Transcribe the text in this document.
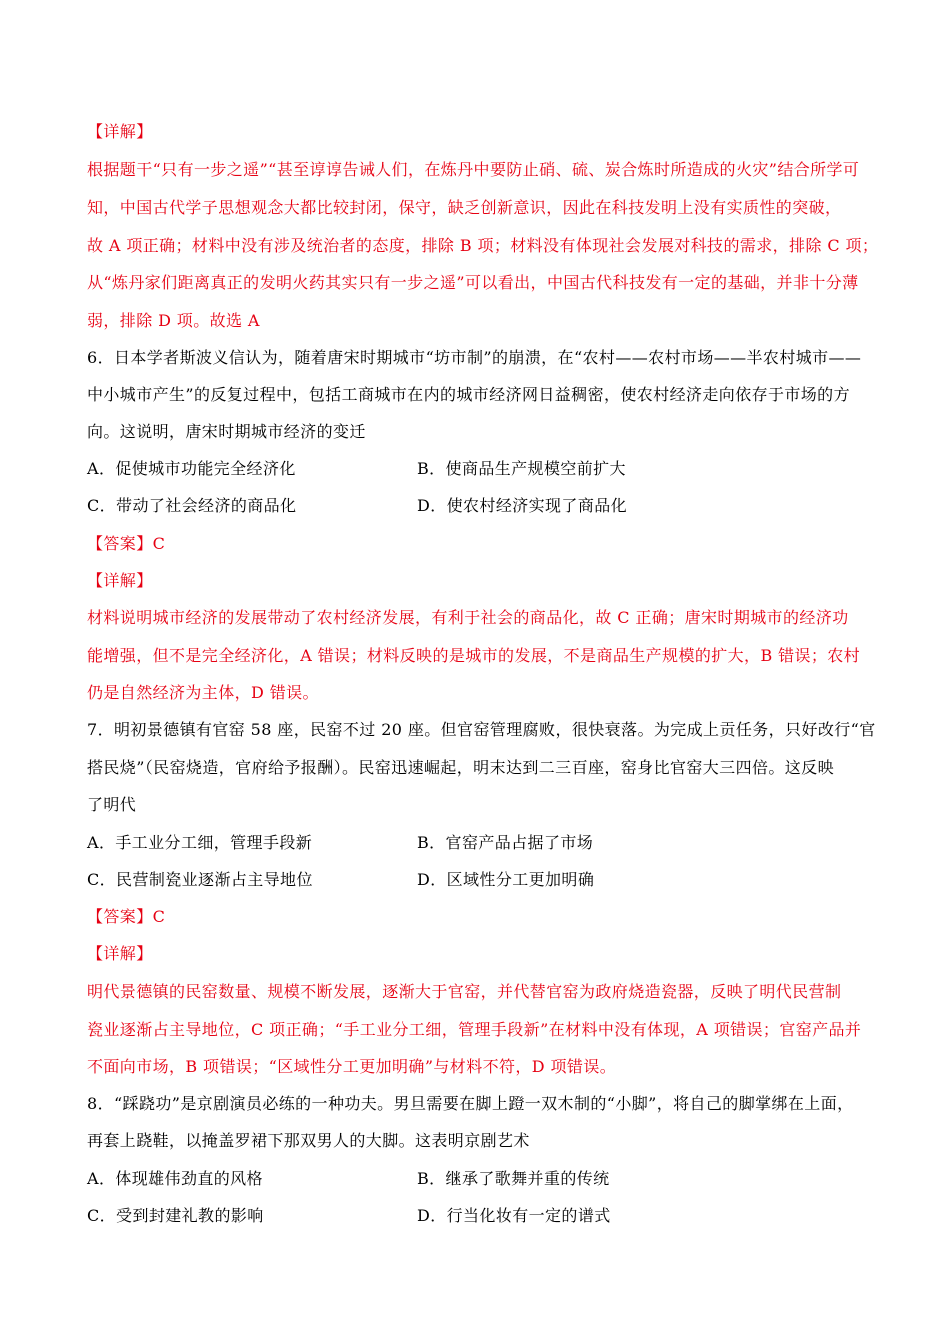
【详解】
根据题干“只有一步之遥”“甚至谆谆告诫人们，在炼丹中要防止硝、硫、炭合炼时所造成的火灾”结合所学可
知，中国古代学子思想观念大都比较封闭，保守，缺乏创新意识，因此在科技发明上没有实质性的突破，
故 A 项正确；材料中没有涉及统治者的态度，排除 B 项；材料没有体现社会发展对科技的需求，排除 C 项；
从“炼丹家们距离真正的发明火药其实只有一步之遥”可以看出，中国古代科技发有一定的基础，并非十分薄
弱，排除 D 项。故选 A
6．日本学者斯波义信认为，随着唐宋时期城市“坊市制”的崩溃，在“农村——农村市场——半农村城市——
中小城市产生”的反复过程中，包括工商城市在内的城市经济网日益稠密，使农村经济走向依存于市场的方
向。这说明，唐宋时期城市经济的变迁
A．促使城市功能完全经济化	B．使商品生产规模空前扩大
C．带动了社会经济的商品化	D．使农村经济实现了商品化
【答案】C
【详解】
材料说明城市经济的发展带动了农村经济发展，有利于社会的商品化，故 C 正确；唐宋时期城市的经济功
能增强，但不是完全经济化，A 错误；材料反映的是城市的发展，不是商品生产规模的扩大，B 错误；农村
仍是自然经济为主体，D 错误。
7．明初景德镇有官窑 58 座，民窑不过 20 座。但官窑管理腐败，很快衰落。为完成上贡任务，只好改行“官
搭民烧”（民窑烧造，官府给予报酬）。民窑迅速崛起，明末达到二三百座，窑身比官窑大三四倍。这反映
了明代
A．手工业分工细，管理手段新	B．官窑产品占据了市场
C．民营制瓷业逐渐占主导地位	D．区域性分工更加明确
【答案】C
【详解】
明代景德镇的民窑数量、规模不断发展，逐渐大于官窑，并代替官窑为政府烧造瓷器，反映了明代民营制
瓷业逐渐占主导地位，C 项正确；“手工业分工细，管理手段新”在材料中没有体现，A 项错误；官窑产品并
不面向市场，B 项错误；“区域性分工更加明确”与材料不符，D 项错误。
8．“踩跷功”是京剧演员必练的一种功夫。男旦需要在脚上蹬一双木制的“小脚”，将自己的脚掌绑在上面，
再套上跷鞋，以掩盖罗裙下那双男人的大脚。这表明京剧艺术
A．体现雄伟劲直的风格	B．继承了歌舞并重的传统
C．受到封建礼教的影响	D．行当化妆有一定的谱式
